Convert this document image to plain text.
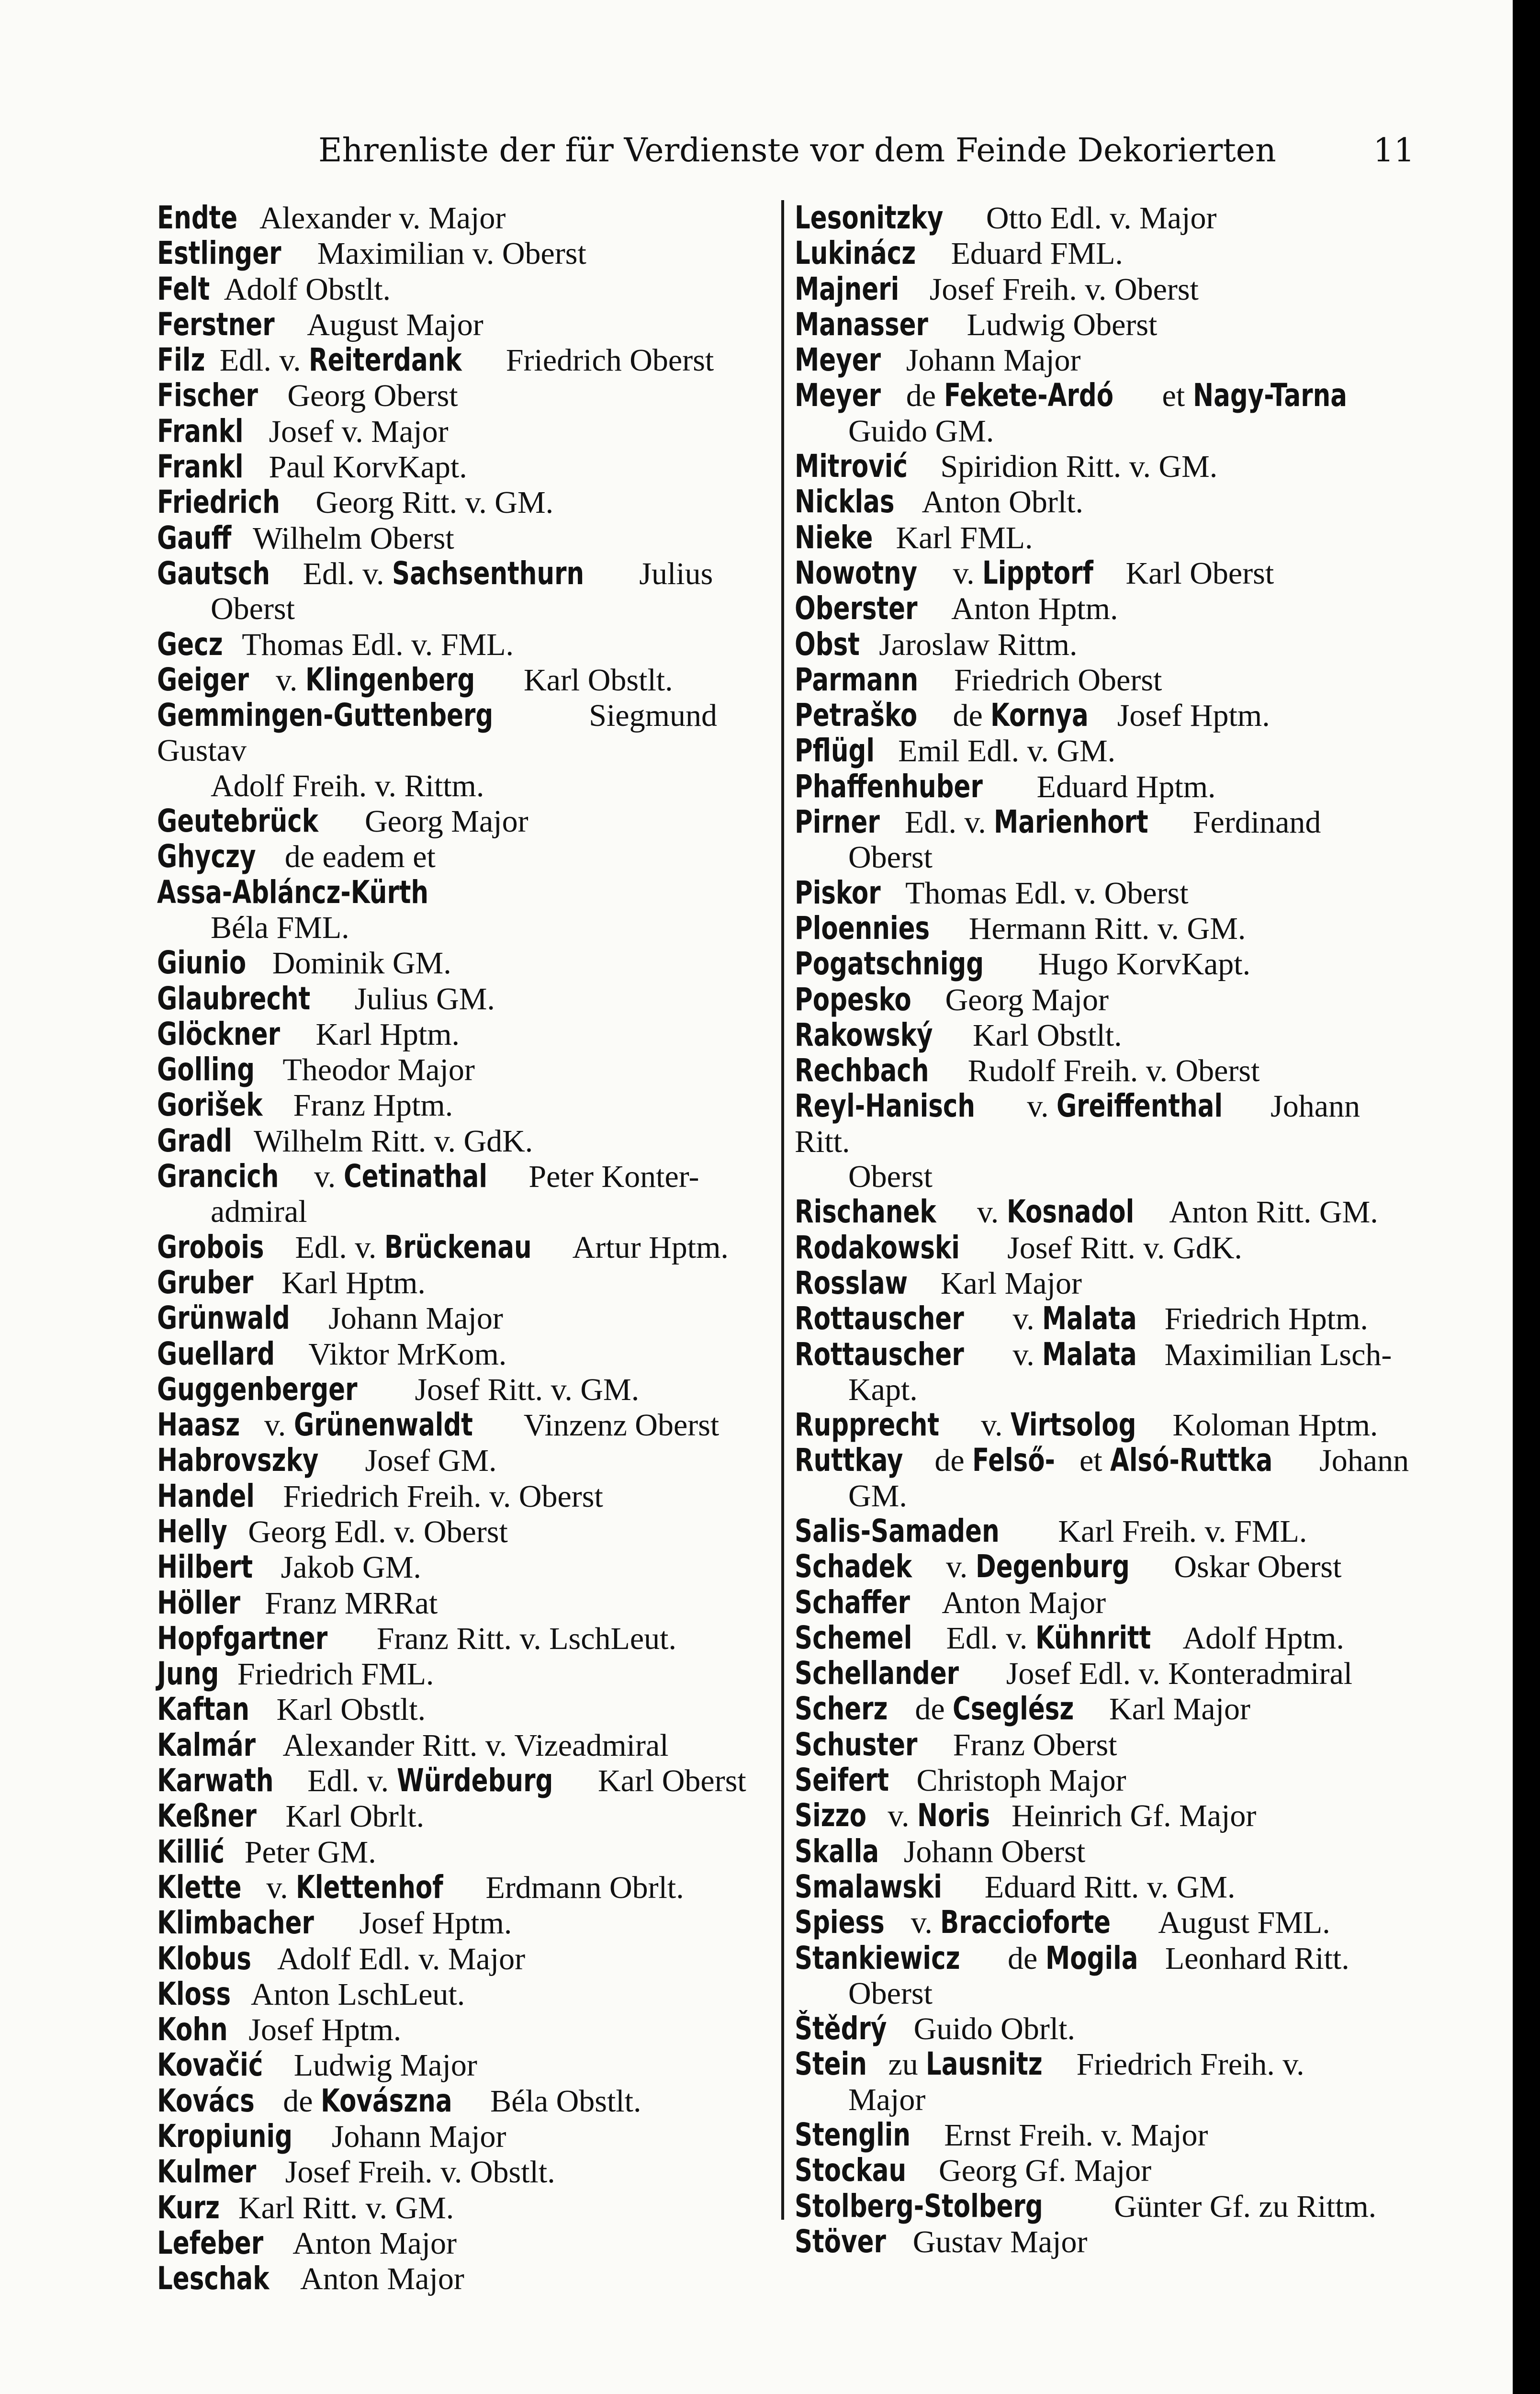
Ehrenliste der für Verdienste vor dem Feinde Dekorierten	11
Endte Alexander v. Major
Estlinger Maximilian v. Oberst
Felt Adolf Obstlt.
Ferstner August Major
Filz Edl. v. Reiterdank Friedrich Oberst
Fischer Georg Oberst
Frankl Josef v. Major
Frankl Paul KorvKapt.
Friedrich Georg Ritt. v. GM.
Gauff Wilhelm Oberst
Gautsch Edl. v. Sachsenthurn Julius
Oberst
Gecz Thomas Edl. v. FML.
Geiger v. Klingenberg Karl Obstlt.
Gemmingen-Guttenberg	Siegmund Gustav
Adolf Freih. v. Rittm.
Geutebrück Georg Major
Ghyczy de eadem et Assa-Abláncz-Kürth
Béla FML.
Giunio Dominik GM.
Glaubrecht Julius GM.
Glöckner Karl Hptm.
Golling Theodor Major
Gorišek Franz Hptm.
Gradl Wilhelm Ritt. v. GdK.
Grancich v. Cetinathal Peter Konter-
admiral
Grobois Edl. v. Brückenau Artur Hptm.
Gruber Karl Hptm.
Grünwald Johann Major
Guellard Viktor MrKom.
Guggenberger Josef Ritt. v. GM.
Haasz v. Grünenwaldt Vinzenz Oberst
Habrovszky Josef GM.
Handel Friedrich Freih. v. Oberst
Helly Georg Edl. v. Oberst
Hilbert Jakob GM.
Höller Franz MRRat
Hopfgartner Franz Ritt. v. LschLeut.
Jung Friedrich FML.
Kaftan Karl Obstlt.
Kalmár Alexander Ritt. v. Vizeadmiral
Karwath Edl. v. Würdeburg Karl Oberst
Keßner Karl Obrlt.
Killić Peter GM.
Klette v. Klettenhof Erdmann Obrlt.
Klimbacher Josef Hptm.
Klobus Adolf Edl. v. Major
Kloss Anton LschLeut.
Kohn Josef Hptm.
Kovačić Ludwig Major
Kovács de Kovászna Béla Obstlt.
Kropiunig Johann Major
Kulmer Josef Freih. v. Obstlt.
Kurz Karl Ritt. v. GM.
Lefeber Anton Major
Leschak Anton Major
Lesonitzky Otto Edl. v. Major
Lukinácz Eduard FML.
Majneri Josef Freih. v. Oberst
Manasser Ludwig Oberst
Meyer Johann Major
Meyer de Fekete-Ardó et Nagy-Tarna
Guido GM.
Mitrović Spiridion Ritt. v. GM.
Nicklas Anton Obrlt.
Nieke Karl FML.
Nowotny v. Lipptorf Karl Oberst
Oberster Anton Hptm.
Obst Jaroslaw Rittm.
Parmann Friedrich Oberst
Petraško de Kornya Josef Hptm.
Pflügl Emil Edl. v. GM.
Phaffenhuber Eduard Hptm.
Pirner Edl. v. Marienhort Ferdinand
Oberst
Piskor Thomas Edl. v. Oberst
Ploennies Hermann Ritt. v. GM.
Pogatschnigg Hugo KorvKapt.
Popesko Georg Major
Rakowský Karl Obstlt.
Rechbach Rudolf Freih. v. Oberst
Reyl-Hanisch v. Greiffenthal Johann Ritt.
Oberst
Rischanek v. Kosnadol Anton Ritt. GM.
Rodakowski Josef Ritt. v. GdK.
Rosslaw Karl Major
Rottauscher v. Malata Friedrich Hptm.
Rottauscher v. Malata Maximilian Lsch-
Kapt.
Rupprecht v. Virtsolog Koloman Hptm.
Ruttkay de Felső- et Alsó-Ruttka Johann
GM.
Salis-Samaden Karl Freih. v. FML.
Schadek v. Degenburg Oskar Oberst
Schaffer Anton Major
Schemel Edl. v. Kühnritt Adolf Hptm.
Schellander Josef Edl. v. Konteradmiral
Scherz de Cseglész Karl Major
Schuster Franz Oberst
Seifert Christoph Major
Sizzo v. Noris Heinrich Gf. Major
Skalla Johann Oberst
Smalawski Eduard Ritt. v. GM.
Spiess v. Braccioforte August FML.
Stankiewicz de Mogila Leonhard Ritt.
Oberst
Štědrý Guido Obrlt.
Stein zu Lausnitz Friedrich Freih. v.
Major
Stenglin Ernst Freih. v. Major
Stockau Georg Gf. Major
Stolberg-Stolberg Günter Gf. zu Rittm.
Stöver Gustav Major
